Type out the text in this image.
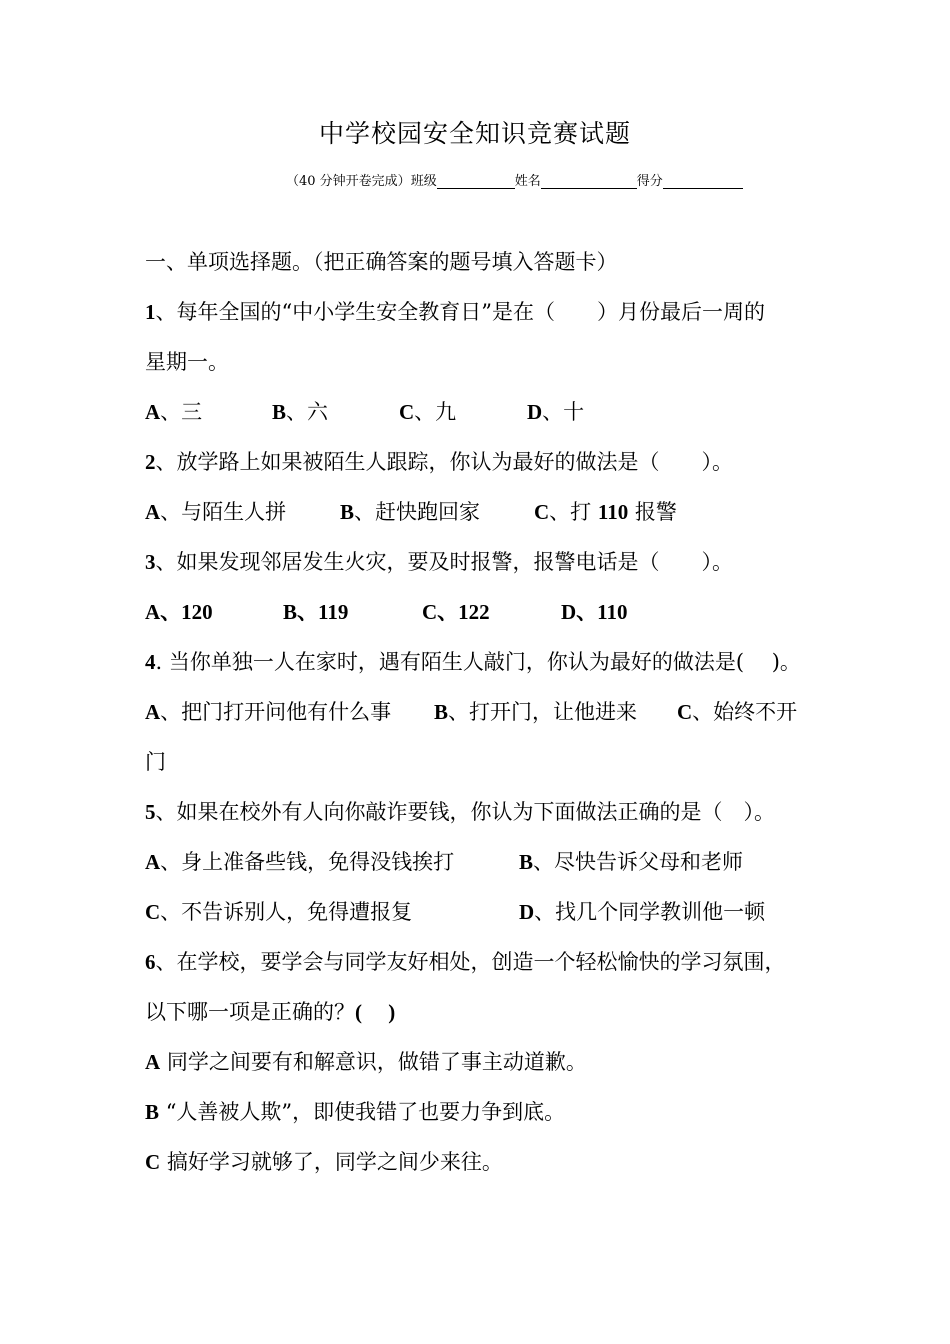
中学校园安全知识竞赛试题
（40 分钟开卷完成）班级	姓名	得分
一、单项选择题。（把正确答案的题号填入答题卡）
1、每年全国的“中小学生安全教育日”是在（　　）月份最后一周的
星期一。
A、三	B、六	C、九	D、十
2、放学路上如果被陌生人跟踪，你认为最好的做法是（　　）。
A、与陌生人拼	B、赶快跑回家	C、打 110 报警
3、如果发现邻居发生火灾，要及时报警，报警电话是（　　）。
A、120	B、119	C、122	D、110
4. 当你单独一人在家时，遇有陌生人敲门，你认为最好的做法是(　 )。
A、把门打开问他有什么事 B、打开门，让他进来 C、始终不开
门
5、如果在校外有人向你敲诈要钱，你认为下面做法正确的是（　）。
A、身上准备些钱，免得没钱挨打	B、尽快告诉父母和老师
C、不告诉别人，免得遭报复	D、找几个同学教训他一顿
6、在学校，要学会与同学友好相处，创造一个轻松愉快的学习氛围，
以下哪一项是正确的？(　 )
A 同学之间要有和解意识，做错了事主动道歉。
B “人善被人欺”，即使我错了也要力争到底。
C 搞好学习就够了，同学之间少来往。
